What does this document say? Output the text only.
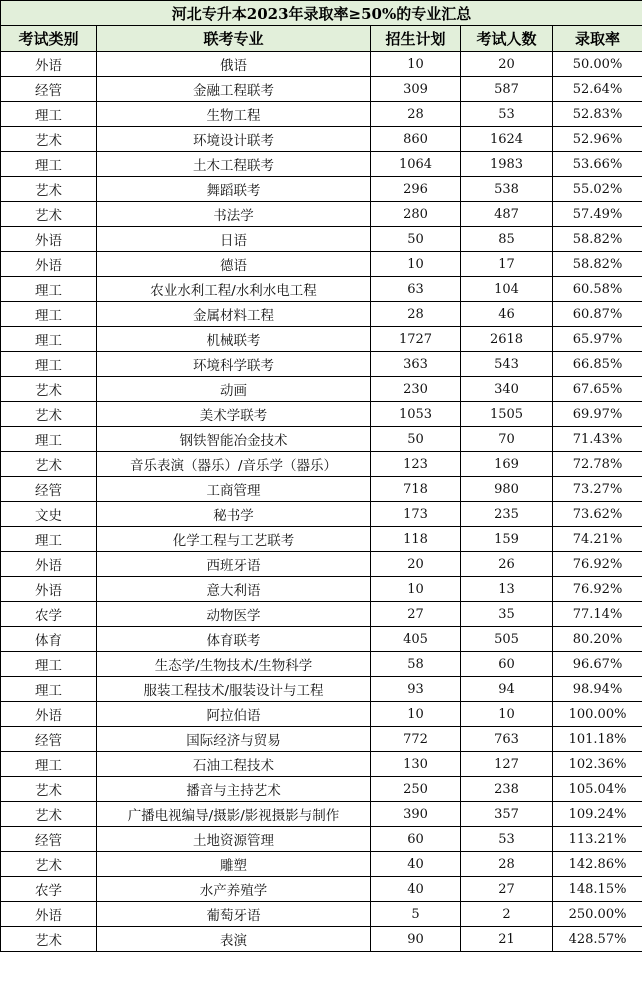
河北专升本2023年录取率≥50%的专业汇总				
考试类别	联考专业	招生计划	考试人数	录取率
外语	俄语	10	20	50.00%
经管	金融工程联考	309	587	52.64%
理工	生物工程	28	53	52.83%
艺术	环境设计联考	860	1624	52.96%
理工	土木工程联考	1064	1983	53.66%
艺术	舞蹈联考	296	538	55.02%
艺术	书法学	280	487	57.49%
外语	日语	50	85	58.82%
外语	德语	10	17	58.82%
理工	农业水利工程/水利水电工程	63	104	60.58%
理工	金属材料工程	28	46	60.87%
理工	机械联考	1727	2618	65.97%
理工	环境科学联考	363	543	66.85%
艺术	动画	230	340	67.65%
艺术	美术学联考	1053	1505	69.97%
理工	钢铁智能冶金技术	50	70	71.43%
艺术	音乐表演（器乐）/音乐学（器乐）	123	169	72.78%
经管	工商管理	718	980	73.27%
文史	秘书学	173	235	73.62%
理工	化学工程与工艺联考	118	159	74.21%
外语	西班牙语	20	26	76.92%
外语	意大利语	10	13	76.92%
农学	动物医学	27	35	77.14%
体育	体育联考	405	505	80.20%
理工	生态学/生物技术/生物科学	58	60	96.67%
理工	服装工程技术/服装设计与工程	93	94	98.94%
外语	阿拉伯语	10	10	100.00%
经管	国际经济与贸易	772	763	101.18%
理工	石油工程技术	130	127	102.36%
艺术	播音与主持艺术	250	238	105.04%
艺术	广播电视编导/摄影/影视摄影与制作	390	357	109.24%
经管	土地资源管理	60	53	113.21%
艺术	雕塑	40	28	142.86%
农学	水产养殖学	40	27	148.15%
外语	葡萄牙语	5	2	250.00%
艺术	表演	90	21	428.57%
